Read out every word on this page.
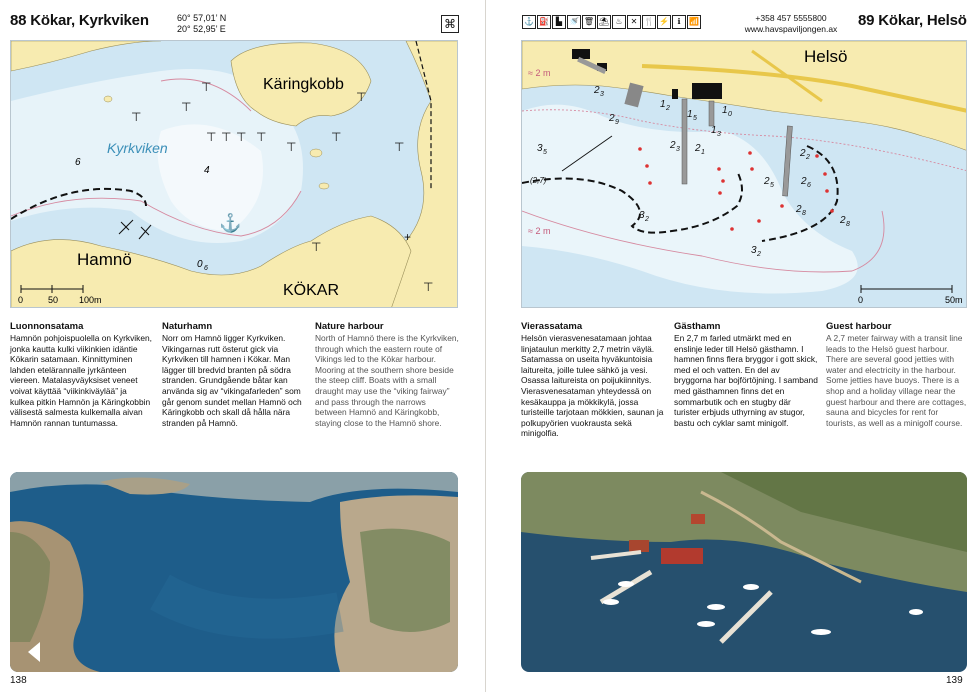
88 Kökar, Kyrkviken	60° 57,01’ N
20° 52,95’ E	⌘
⊤
⊤ ⊤ ⊤ ⊤
⊤
⊤
⊤
⊤
⊤
+
⊤
⊤
⊤
⚓
Käringkobb
Kyrkviken
Hamnö
KÖKAR
6
4
0 6
0	50 100m
Luonnonsatama

Hamnön pohjoispuolella on Kyrkviken, jonka kautta kulki viikinkien idäntie Kökarin satamaan. Kinnittyminen lahden etelärannalle jyrkänteen viereen. Matalasyväyksiset veneet voivat käyttää “viikinkiväylää” ja kulkea pitkin Hamnön ja Käringkobbin välisestä salmesta kulkemalla aivan Hamnön rannan tuntumassa.

Naturhamn

Norr om Hamnö ligger Kyrkviken. Vikingarnas rutt österut gick via Kyrkviken till hamnen i Kökar. Man lägger till bredvid branten på södra stranden. Grundgående båtar kan använda sig av “vikingafarleden” som går genom sundet mellan Hamnö och Käringkobb och skall då hålla nära stranden på Hamnö.

Nature harbour

North of Hamnö there is the Kyrkviken, through which the eastern route of Vikings led to the Kökar harbour. Mooring at the southern shore beside the steep cliff. Boats with a small draught may use the “viking fairway” and pass through the narrows between Hamnö and Käringkobb, staying close to the Hamnö shore.

138
⚓ ⛽ ▙ 🚿 🗑 ⛱ ♨	✕ 🍴 ⚡	ℹ	📶	+358 457 5555800
www.havspaviljongen.ax	89 Kökar, Helsö
Helsö
≈ 2 m
≈ 2 m
2 3
2 9
1 2
1 5
1 0
1 3
3 5
2 3 2 1	2 2
2 5	2 6
2 8
2 8
3 2
3 2
(2,7)
0	50m
Vierassatama

Helsön vierasvenesatamaan johtaa linjataulun merkitty 2,7 metrin väylä. Satamassa on useita hyväkuntoisia laitureita, joille tulee sähkö ja vesi. Osassa laitureista on poijukiinnitys. Vierasvenesataman yhteydessä on kesäkauppa ja mökkikylä, jossa turisteille tarjotaan mökkien, saunan ja polkupyörien vuokrausta sekä minigolfia.

Gästhamn

En 2,7 m farled utmärkt med en enslinje leder till Helsö gästhamn. I hamnen finns flera bryggor i gott skick, med el och vatten. En del av bryggorna har bojförtöjning. I samband med gästhamnen finns det en sommarbutik och en stugby där turister erbjuds uthyrning av stugor, bastu och cyklar samt minigolf.

Guest harbour

A 2,7 meter fairway with a transit line leads to the Helsö guest harbour. There are several good jetties with water and electricity in the harbour. Some jetties have buoys. There is a shop and a holiday village near the guest harbour and there are cottages, sauna and bicycles for rent for tourists, as well as a minigolf course.

139
